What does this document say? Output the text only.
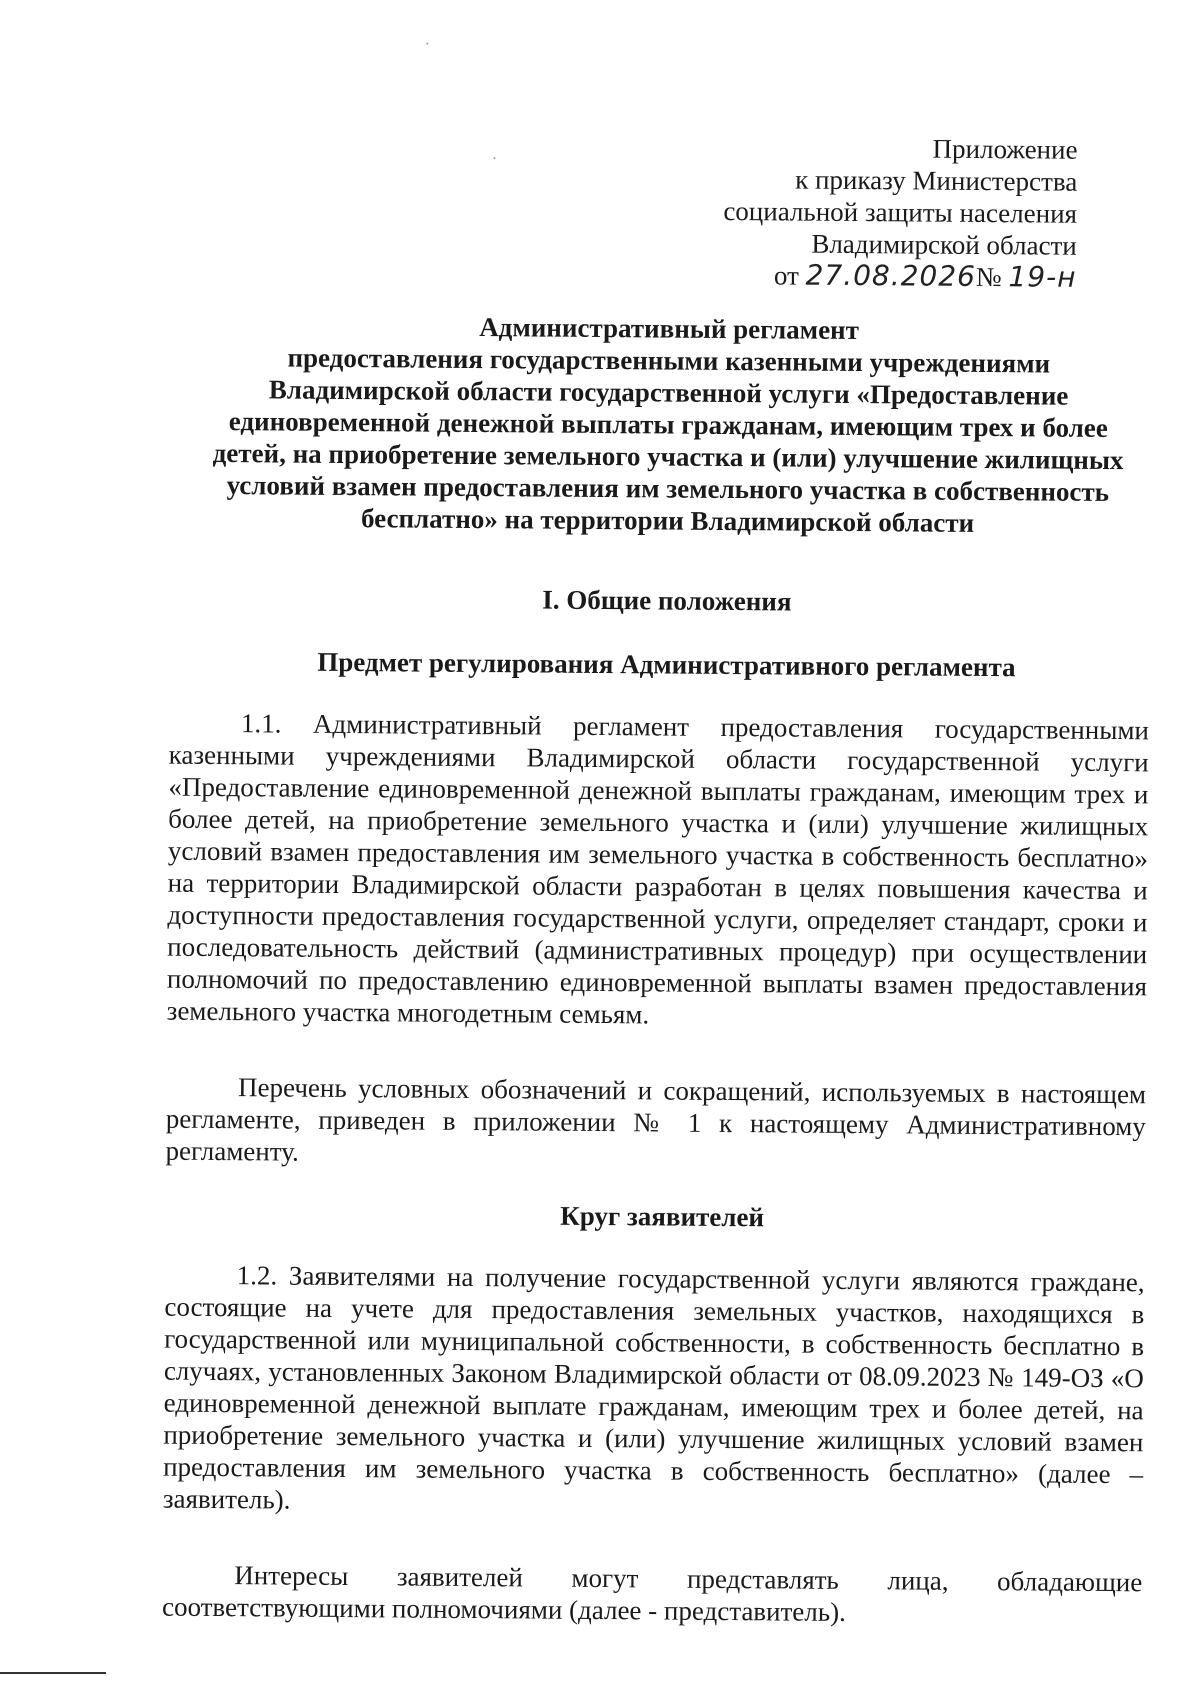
Приложение
к приказу Министерства
социальной защиты населения
Владимирской области
от 27.08.2026№ 19-н
Административный регламент
предоставления государственными казенными учреждениями
Владимирской области государственной услуги «Предоставление
единовременной денежной выплаты гражданам, имеющим трех и более
детей, на приобретение земельного участка и (или) улучшение жилищных
условий взамен предоставления им земельного участка в собственность
бесплатно» на территории Владимирской области
I. Общие положения
Предмет регулирования Административного регламента

1.1. Административный регламент предоставления государственными казенными учреждениями Владимирской области государственной услуги «Предоставление единовременной денежной выплаты гражданам, имеющим трех и более детей, на приобретение земельного участка и (или) улучшение жилищных условий взамен предоставления им земельного участка в собственность бесплатно» на территории Владимирской области разработан в целях повышения качества и доступности предоставления государственной услуги, определяет стандарт, сроки и последовательность действий (административных процедур) при осуществлении полномочий по предоставлению единовременной выплаты взамен предоставления земельного участка многодетным семьям.

Перечень условных обозначений и сокращений, используемых в настоящем регламенте, приведен в приложении № 1 к настоящему Административному регламенту.

Круг заявителей

1.2. Заявителями на получение государственной услуги являются граждане, состоящие на учете для предоставления земельных участков, находящихся в государственной или муниципальной собственности, в собственность бесплатно в случаях, установленных Законом Владимирской области от 08.09.2023 № 149-ОЗ «О единовременной денежной выплате гражданам, имеющим трех и более детей, на приобретение земельного участка и (или) улучшение жилищных условий взамен предоставления им земельного участка в собственность бесплатно» (далее – заявитель).

Интересы заявителей могут представлять лица, обладающие соответствующими полномочиями (далее - представитель).
